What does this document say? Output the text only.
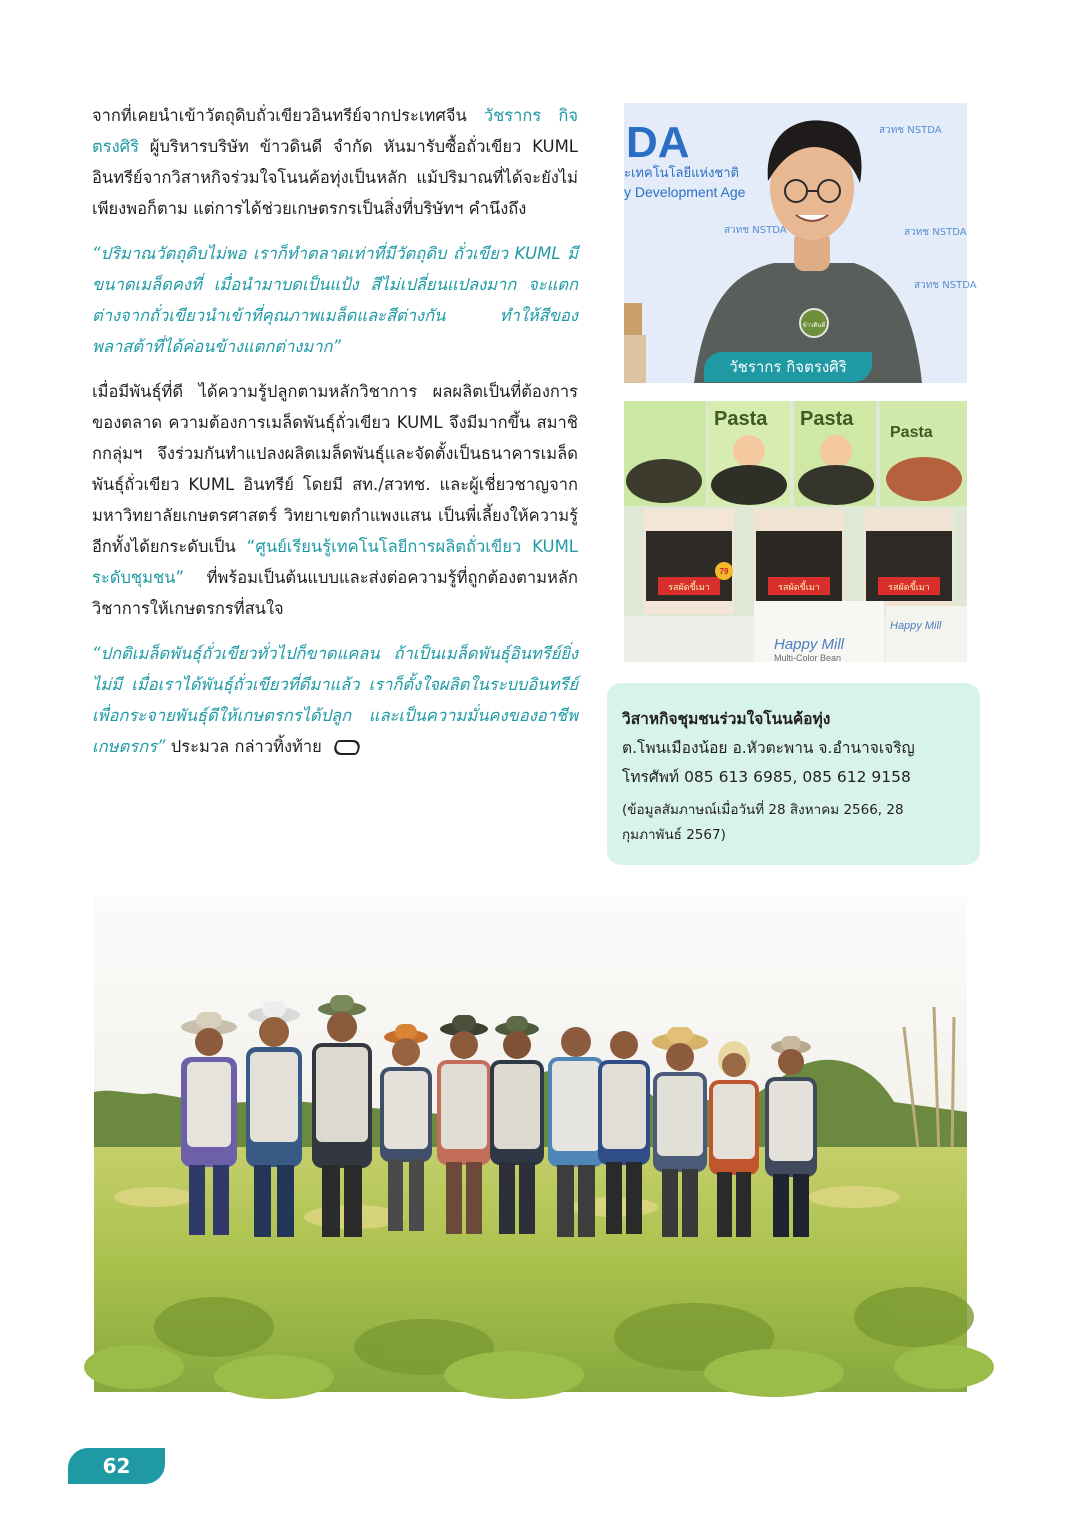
จากที่เคยนำเข้าวัตถุดิบถั่วเขียวอินทรีย์จากประเทศจีน วัชรากร กิจตรงศิริ ผู้บริหารบริษัท ข้าวดินดี จำกัด หันมารับซื้อถั่วเขียว KUML อินทรีย์จากวิสาหกิจร่วมใจโนนค้อทุ่งเป็นหลัก แม้ปริมาณที่ได้จะยังไม่เพียงพอก็ตาม แต่การได้ช่วยเกษตรกรเป็นสิ่งที่บริษัทฯ คำนึงถึง

“ปริมาณวัตถุดิบไม่พอ เราก็ทำตลาดเท่าที่มีวัตถุดิบ ถั่วเขียว KUML มีขนาดเมล็ดคงที่ เมื่อนำมาบดเป็นแป้ง สีไม่เปลี่ยนแปลงมาก จะแตกต่างจากถั่วเขียวนำเข้าที่คุณภาพเมล็ดและสีต่างกัน ทำให้สีของพลาสต้าที่ได้ค่อนข้างแตกต่างมาก”

เมื่อมีพันธุ์ที่ดี ได้ความรู้ปลูกตามหลักวิชาการ ผลผลิตเป็นที่ต้องการของตลาด ความต้องการเมล็ดพันธุ์ถั่วเขียว KUML จึงมีมากขึ้น สมาชิกกลุ่มฯ จึงร่วมกันทำแปลงผลิตเมล็ดพันธุ์และจัดตั้งเป็นธนาคารเมล็ดพันธุ์ถั่วเขียว KUML อินทรีย์ โดยมี สท./สวทช. และผู้เชี่ยวชาญจากมหาวิทยาลัยเกษตรศาสตร์ วิทยาเขตกำแพงแสน เป็นพี่เลี้ยงให้ความรู้ อีกทั้งได้ยกระดับเป็น “ศูนย์เรียนรู้เทคโนโลยีการผลิตถั่วเขียว KUML ระดับชุมชน” ที่พร้อมเป็นต้นแบบและส่งต่อความรู้ที่ถูกต้องตามหลักวิชาการให้เกษตรกรที่สนใจ

“ปกติเมล็ดพันธุ์ถั่วเขียวทั่วไปก็ขาดแคลน ถ้าเป็นเมล็ดพันธุ์อินทรีย์ยิ่งไม่มี เมื่อเราได้พันธุ์ถั่วเขียวที่ดีมาแล้ว เราก็ตั้งใจผลิตในระบบอินทรีย์เพื่อกระจายพันธุ์ดีให้เกษตรกรได้ปลูก และเป็นความมั่นคงของอาชีพเกษตรกร” ประมวล กล่าวทิ้งท้าย

DA
ะเทคโนโลยีแห่งชาติ
y Development Age
สวทช NSTDA
สวทช NSTDA
สวทช NSTDA
สวทช NSTDA
ข้าวดินดี
วัชรากร กิจตรงศิริ
Pasta Pasta
Pasta
รสผัดขี้เมา	รสผัดขี้เมา	รสผัดขี้เมา
79
Happy Mill
Happy Mill
Multi-Color Bean
วิสาหกิจชุมชนร่วมใจโนนค้อทุ่ง
ต.โพนเมืองน้อย อ.หัวตะพาน จ.อำนาจเจริญ
โทรศัพท์ 085 613 6985, 085 612 9158
(ข้อมูลสัมภาษณ์เมื่อวันที่ 28 สิงหาคม 2566, 28 กุมภาพันธ์ 2567)
62
